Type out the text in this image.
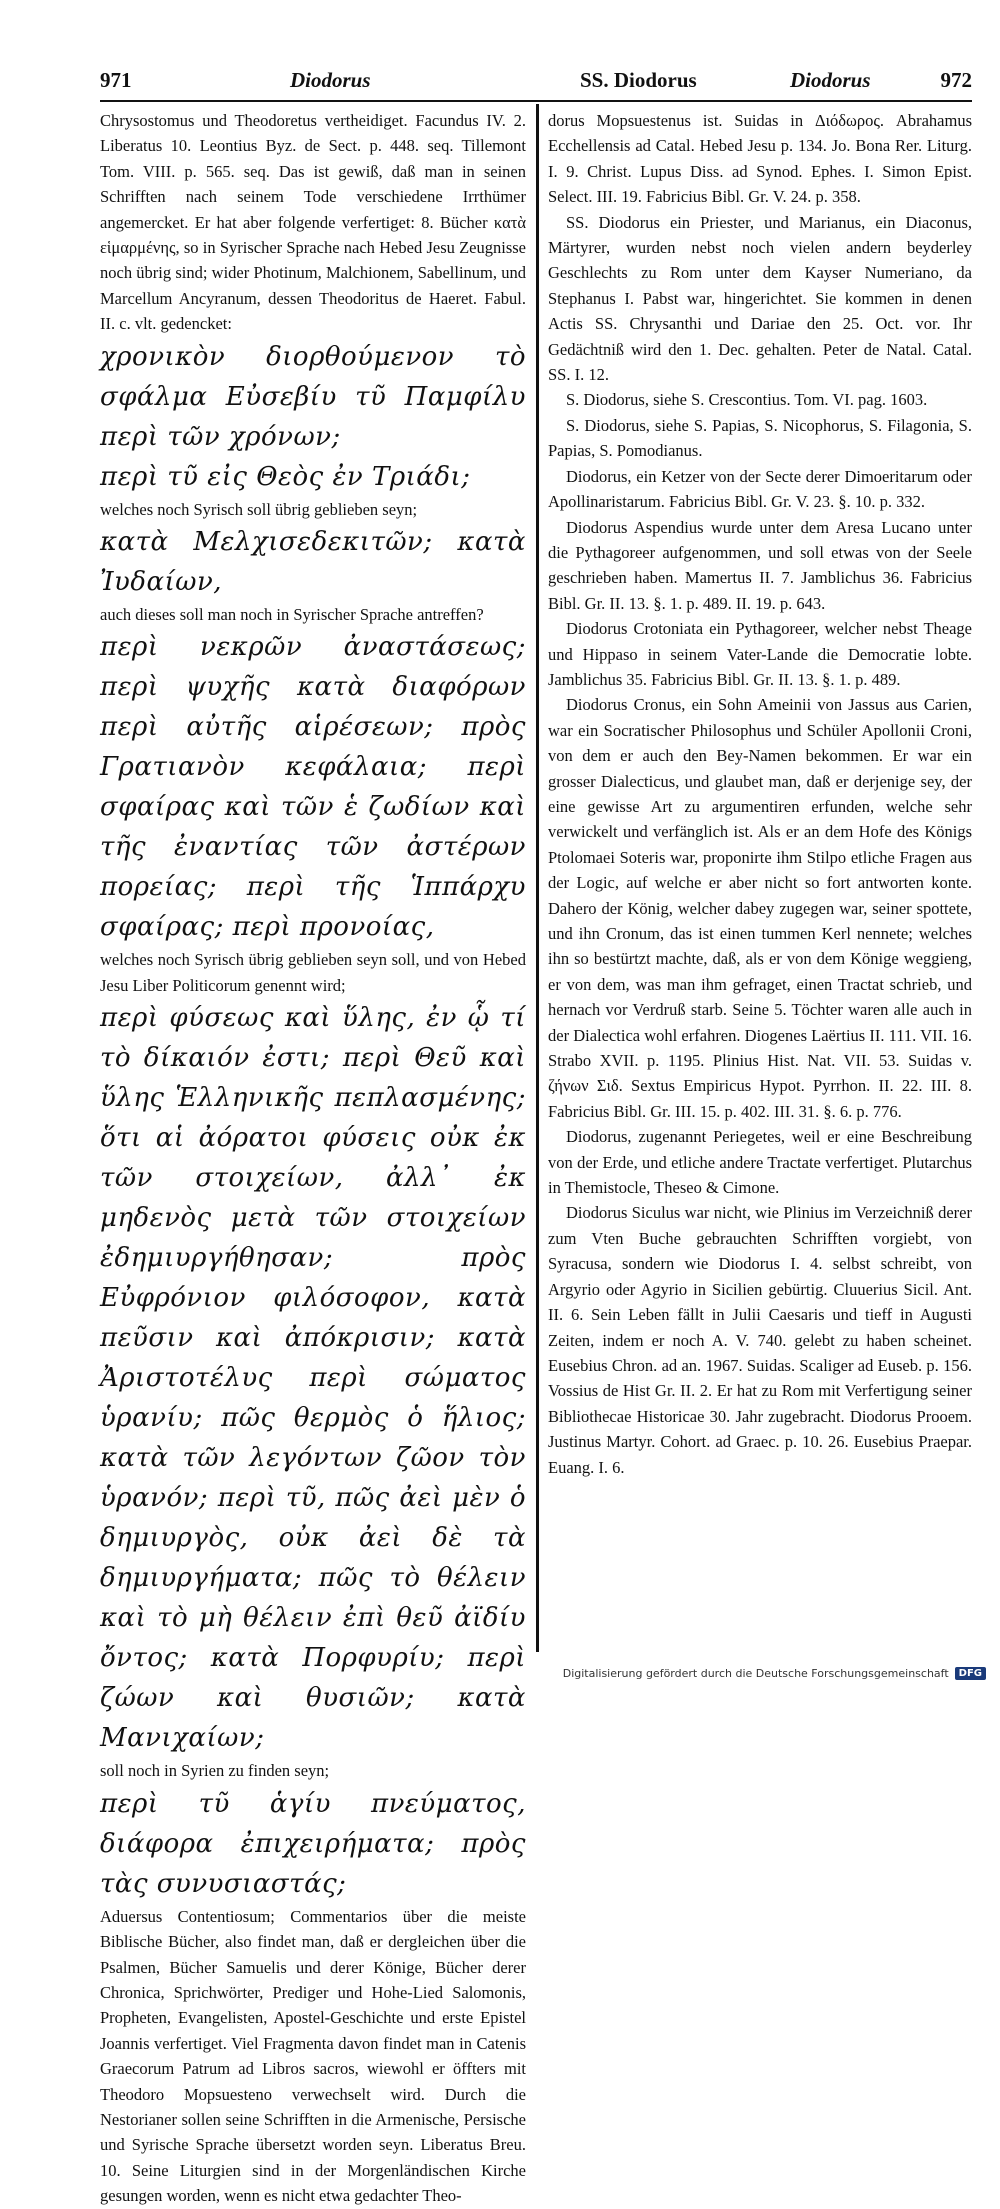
971	Diodorus	SS. Diodorus	Diodorus	972

Chrysostomus und Theodoretus vertheidiget. Facundus IV. 2. Liberatus 10. Leontius Byz. de Sect. p. 448. seq. Tillemont Tom. VIII. p. 565. seq. Das ist gewiß, daß man in seinen Schrifften nach seinem Tode verschiedene Irrthümer angemercket. Er hat aber folgende verfertiget: 8. Bücher κατὰ εἱμαρμένης, so in Syrischer Sprache nach Hebed Jesu Zeugnisse noch übrig sind; wider Photinum, Malchionem, Sabellinum, und Marcellum Ancyranum, dessen Theodoritus de Haeret. Fabul. II. c. vlt. gedencket:

χρονικὸν διορθούμενον τὸ σφάλμα Εὐσεβίυ τῦ Παμφίλυ περὶ τῶν χρόνων;

περὶ τῦ εἰς Θεὸς ἐν Τριάδι;

welches noch Syrisch soll übrig geblieben seyn;

κατὰ Μελχισεδεκιτῶν; κατὰ Ἰυδαίων,

auch dieses soll man noch in Syrischer Sprache antreffen?

περὶ νεκρῶν ἀναστάσεως; περὶ ψυχῆς κατὰ διαφόρων περὶ αὐτῆς αἱρέσεων; πρὸς Γρατιανὸν κεφάλαια; περὶ σφαίρας καὶ τῶν ἑ ζωδίων καὶ τῆς ἐναντίας τῶν ἀστέρων πορείας; περὶ τῆς Ἱππάρχυ σφαίρας; περὶ προνοίας,

welches noch Syrisch übrig geblieben seyn soll, und von Hebed Jesu Liber Politicorum genennt wird;

περὶ φύσεως καὶ ὕλης, ἐν ᾧ τί τὸ δίκαιόν ἐστι; περὶ Θεῦ καὶ ὕλης Ἑλληνικῆς πεπλασμένης; ὅτι αἱ ἀόρατοι φύσεις οὐκ ἐκ τῶν στοιχείων, ἀλλ᾽ ἐκ μηδενὸς μετὰ τῶν στοιχείων ἐδημιυργήθησαν; πρὸς Εὐφρόνιον φιλόσοφον, κατὰ πεῦσιν καὶ ἀπόκρισιν; κατὰ Ἀριστοτέλυς περὶ σώματος ὑρανίυ; πῶς θερμὸς ὁ ἥλιος; κατὰ τῶν λεγόντων ζῶον τὸν ὑρανόν; περὶ τῦ, πῶς ἀεὶ μὲν ὁ δημιυργὸς, οὐκ ἀεὶ δὲ τὰ δημιυργήματα; πῶς τὸ θέλειν καὶ τὸ μὴ θέλειν ἐπὶ θεῦ ἀϊδίυ ὄντος; κατὰ Πορφυρίυ; περὶ ζώων καὶ θυσιῶν; κατὰ Μανιχαίων;

soll noch in Syrien zu finden seyn;

περὶ τῦ ἁγίυ πνεύματος, διάφορα ἐπιχειρήματα; πρὸς τὰς συνυσιαστάς;

Aduersus Contentiosum; Commentarios über die meiste Biblische Bücher, also findet man, daß er dergleichen über die Psalmen, Bücher Samuelis und derer Könige, Bücher derer Chronica, Sprichwörter, Prediger und Hohe-Lied Salomonis, Propheten, Evangelisten, Apostel-Geschichte und erste Epistel Joannis verfertiget. Viel Fragmenta davon findet man in Catenis Graecorum Patrum ad Libros sacros, wiewohl er öffters mit Theodoro Mopsuesteno verwechselt wird. Durch die Nestorianer sollen seine Schrifften in die Armenische, Persische und Syrische Sprache übersetzt worden seyn. Liberatus Breu. 10. Seine Liturgien sind in der Morgenländischen Kirche gesungen worden, wenn es nicht etwa gedachter Theo-

dorus Mopsuestenus ist. Suidas in Διόδωρος. Abrahamus Ecchellensis ad Catal. Hebed Jesu p. 134. Jo. Bona Rer. Liturg. I. 9. Christ. Lupus Diss. ad Synod. Ephes. I. Simon Epist. Select. III. 19. Fabricius Bibl. Gr. V. 24. p. 358.

SS. Diodorus ein Priester, und Marianus, ein Diaconus, Märtyrer, wurden nebst noch vielen andern beyderley Geschlechts zu Rom unter dem Kayser Numeriano, da Stephanus I. Pabst war, hingerichtet. Sie kommen in denen Actis SS. Chrysanthi und Dariae den 25. Oct. vor. Ihr Gedächtniß wird den 1. Dec. gehalten. Peter de Natal. Catal. SS. I. 12.

S. Diodorus, siehe S. Crescontius. Tom. VI. pag. 1603.

S. Diodorus, siehe S. Papias, S. Nicophorus, S. Filagonia, S. Papias, S. Pomodianus.

Diodorus, ein Ketzer von der Secte derer Dimoeritarum oder Apollinaristarum. Fabricius Bibl. Gr. V. 23. §. 10. p. 332.

Diodorus Aspendius wurde unter dem Aresa Lucano unter die Pythagoreer aufgenommen, und soll etwas von der Seele geschrieben haben. Mamertus II. 7. Jamblichus 36. Fabricius Bibl. Gr. II. 13. §. 1. p. 489. II. 19. p. 643.

Diodorus Crotoniata ein Pythagoreer, welcher nebst Theage und Hippaso in seinem Vater-Lande die Democratie lobte. Jamblichus 35. Fabricius Bibl. Gr. II. 13. §. 1. p. 489.

Diodorus Cronus, ein Sohn Ameinii von Jassus aus Carien, war ein Socratischer Philosophus und Schüler Apollonii Croni, von dem er auch den Bey-Namen bekommen. Er war ein grosser Dialecticus, und glaubet man, daß er derjenige sey, der eine gewisse Art zu argumentiren erfunden, welche sehr verwickelt und verfänglich ist. Als er an dem Hofe des Königs Ptolomaei Soteris war, proponirte ihm Stilpo etliche Fragen aus der Logic, auf welche er aber nicht so fort antworten konte. Dahero der König, welcher dabey zugegen war, seiner spottete, und ihn Cronum, das ist einen tummen Kerl nennete; welches ihn so bestürtzt machte, daß, als er von dem Könige weggieng, er von dem, was man ihm gefraget, einen Tractat schrieb, und hernach vor Verdruß starb. Seine 5. Töchter waren alle auch in der Dialectica wohl erfahren. Diogenes Laërtius II. 111. VII. 16. Strabo XVII. p. 1195. Plinius Hist. Nat. VII. 53. Suidas v. ζήνων Σιδ. Sextus Empiricus Hypot. Pyrrhon. II. 22. III. 8. Fabricius Bibl. Gr. III. 15. p. 402. III. 31. §. 6. p. 776.

Diodorus, zugenannt Periegetes, weil er eine Beschreibung von der Erde, und etliche andere Tractate verfertiget. Plutarchus in Themistocle, Theseo & Cimone.

Diodorus Siculus war nicht, wie Plinius im Verzeichniß derer zum Vten Buche gebrauchten Schrifften vorgiebt, von Syracusa, sondern wie Diodorus I. 4. selbst schreibt, von Argyrio oder Agyrio in Sicilien gebürtig. Cluuerius Sicil. Ant. II. 6. Sein Leben fällt in Julii Caesaris und tieff in Augusti Zeiten, indem er noch A. V. 740. gelebt zu haben scheinet. Eusebius Chron. ad an. 1967. Suidas. Scaliger ad Euseb. p. 156. Vossius de Hist Gr. II. 2. Er hat zu Rom mit Verfertigung seiner Bibliothecae Historicae 30. Jahr zugebracht. Diodorus Prooem. Justinus Martyr. Cohort. ad Graec. p. 10. 26. Eusebius Praepar. Euang. I. 6.

Digitalisierung gefördert durch die Deutsche Forschungsgemeinschaft	DFG
